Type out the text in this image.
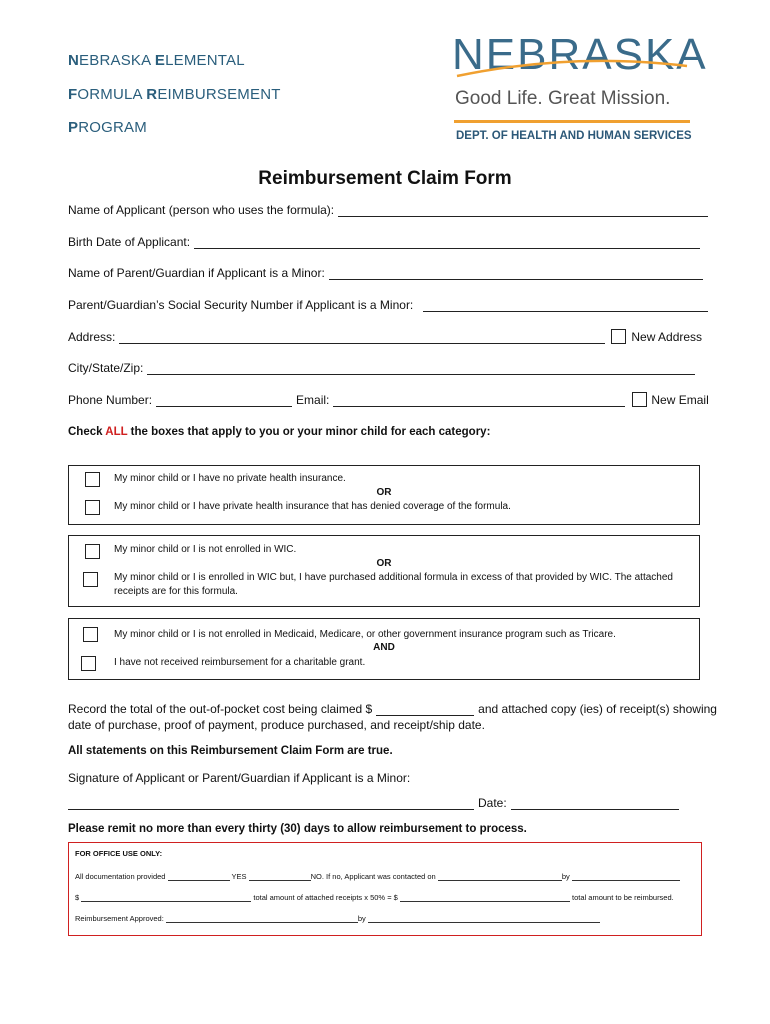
NEBRASKA ELEMENTAL
FORMULA REIMBURSEMENT
PROGRAM
NEBRASKA
Good Life. Great Mission.
DEPT. OF HEALTH AND HUMAN SERVICES
Reimbursement Claim Form
Name of Applicant (person who uses the formula):
Birth Date of Applicant:
Name of Parent/Guardian if Applicant is a Minor:
Parent/Guardian’s Social Security Number if Applicant is a Minor:
Address:	New Address
City/State/Zip:
Phone Number:	Email:	New Email
Check ALL the boxes that apply to you or your minor child for each category:
My minor child or I have no private health insurance.
OR
My minor child or I have private health insurance that has denied coverage of the formula.
My minor child or I is not enrolled in WIC.
OR
My minor child or I is enrolled in WIC but, I have purchased additional formula in excess of that provided by WIC. The attached
receipts are for this formula.
My minor child or I is not enrolled in Medicaid, Medicare, or other government insurance program such as Tricare.
AND
I have not received reimbursement for a charitable grant.
Record the total of the out-of-pocket cost being claimed $	and attached copy (ies) of receipt(s) showing
date of purchase, proof of payment, produce purchased, and receipt/ship date.
All statements on this Reimbursement Claim Form are true.
Signature of Applicant or Parent/Guardian if Applicant is a Minor:
Date:
Please remit no more than every thirty (30) days to allow reimbursement to process.
FOR OFFICE USE ONLY:
All documentation provided	YES	NO. If no, Applicant was contacted on	by
$	total amount of attached receipts x 50% = $	total amount to be reimbursed.
Reimbursement Approved:	by
